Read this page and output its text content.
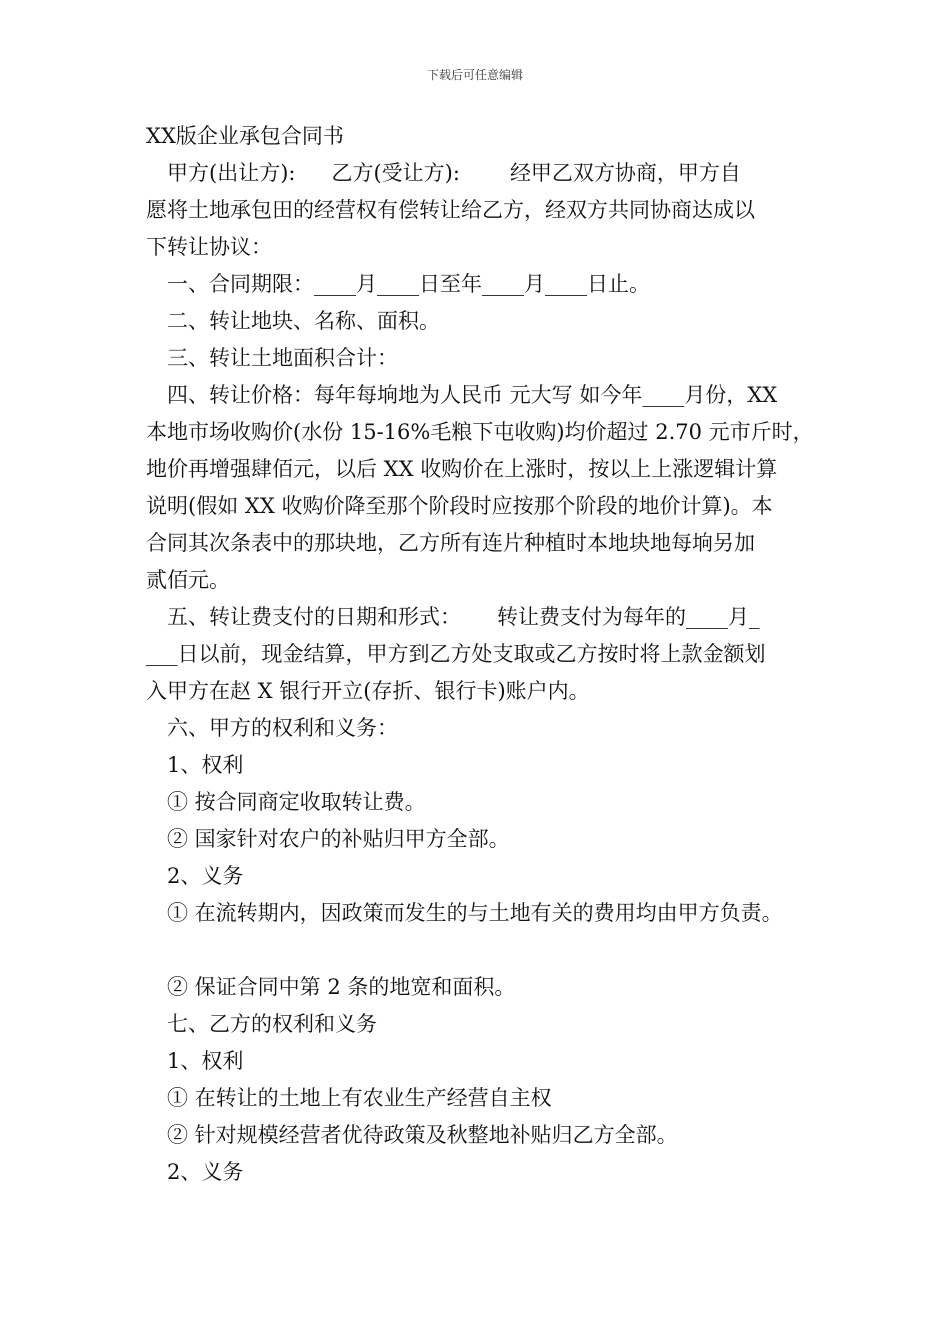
下载后可任意编辑
XX版企业承包合同书
甲方(出让方): 乙方(受让方): 经甲乙双方协商，甲方自
愿将土地承包田的经营权有偿转让给乙方，经双方共同协商达成以
下转让协议：
一、合同期限：____月____日至年____月____日止。
二、转让地块、名称、面积。
三、转让土地面积合计：
四、转让价格：每年每垧地为人民币 元大写 如今年____月份，XX
本地市场收购价(水份 15-16%毛粮下屯收购)均价超过 2.70 元市斤时，
地价再增强肆佰元，以后 XX 收购价在上涨时，按以上上涨逻辑计算
说明(假如 XX 收购价降至那个阶段时应按那个阶段的地价计算)。本
合同其次条表中的那块地，乙方所有连片种植时本地块地每垧另加
贰佰元。
五、转让费支付的日期和形式： 转让费支付为每年的____月_
___日以前，现金结算，甲方到乙方处支取或乙方按时将上款金额划
入甲方在赵 X 银行开立(存折、银行卡)账户内。
六、甲方的权利和义务：
1、权利
① 按合同商定收取转让费。
② 国家针对农户的补贴归甲方全部。
2、义务
① 在流转期内，因政策而发生的与土地有关的费用均由甲方负责。
② 保证合同中第 2 条的地宽和面积。
七、乙方的权利和义务
1、权利
① 在转让的土地上有农业生产经营自主权
② 针对规模经营者优待政策及秋整地补贴归乙方全部。
2、义务
